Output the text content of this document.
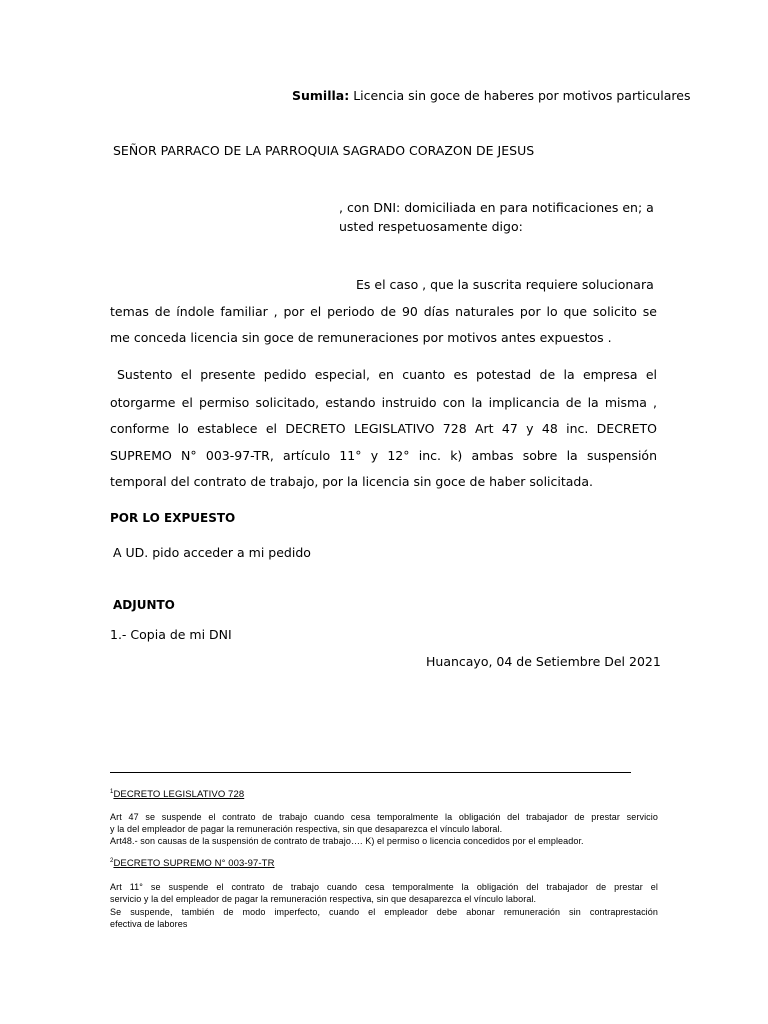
Sumilla: Licencia sin goce de haberes por motivos particulares
SEÑOR PARRACO DE LA PARROQUIA SAGRADO CORAZON DE JESUS
, con DNI: domiciliada en para notificaciones en; a
usted respetuosamente digo:
Es el caso , que la suscrita requiere solucionara
temas de índole familiar , por el periodo de 90 días naturales por lo que solicito se
me conceda licencia sin goce de remuneraciones por motivos antes expuestos .
Sustento el presente pedido especial, en cuanto es potestad de la empresa el
otorgarme el permiso solicitado, estando instruido con la implicancia de la misma ,
conforme lo establece el DECRETO LEGISLATIVO 728 Art 47 y 48 inc. DECRETO
SUPREMO N° 003-97-TR, artículo 11° y 12° inc. k) ambas sobre la suspensión
temporal del contrato de trabajo, por la licencia sin goce de haber solicitada.
POR LO EXPUESTO
A UD. pido acceder a mi pedido
ADJUNTO
1.- Copia de mi DNI
Huancayo, 04 de Setiembre Del 2021
$^1$DECRETO LEGISLATIVO 728
Art 47 se suspende el contrato de trabajo cuando cesa temporalmente la obligación del trabajador de prestar servicio
y la del empleador de pagar la remuneración respectiva, sin que desaparezca el vínculo laboral.
Art48.- son causas de la suspensión de contrato de trabajo…. K) el permiso o licencia concedidos por el empleador.
$^2$DECRETO SUPREMO N° 003-97-TR
Art 11° se suspende el contrato de trabajo cuando cesa temporalmente la obligación del trabajador de prestar el
servicio y la del empleador de pagar la remuneración respectiva, sin que desaparezca el vínculo laboral.
Se suspende, también de modo imperfecto, cuando el empleador debe abonar remuneración sin contraprestación
efectiva de labores
